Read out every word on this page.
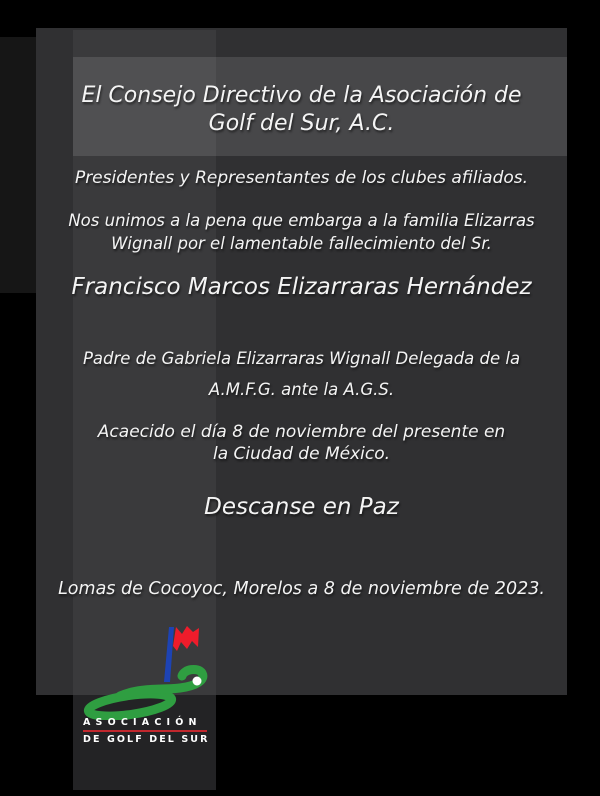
El Consejo Directivo de la Asociación de
Golf del Sur, A.C.
Presidentes y Representantes de los clubes afiliados.
Nos unimos a la pena que embarga a la familia Elizarras
Wignall por el lamentable fallecimiento del Sr.
Francisco Marcos Elizarraras Hernández
Padre de Gabriela Elizarraras Wignall Delegada de la
A.M.F.G. ante la A.G.S.
Acaecido el día 8 de noviembre del presente en
la Ciudad de México.
Descanse en Paz
Lomas de Cocoyoc, Morelos a 8 de noviembre de 2023.
ASOCIACIÓN
DE GOLF DEL SUR
